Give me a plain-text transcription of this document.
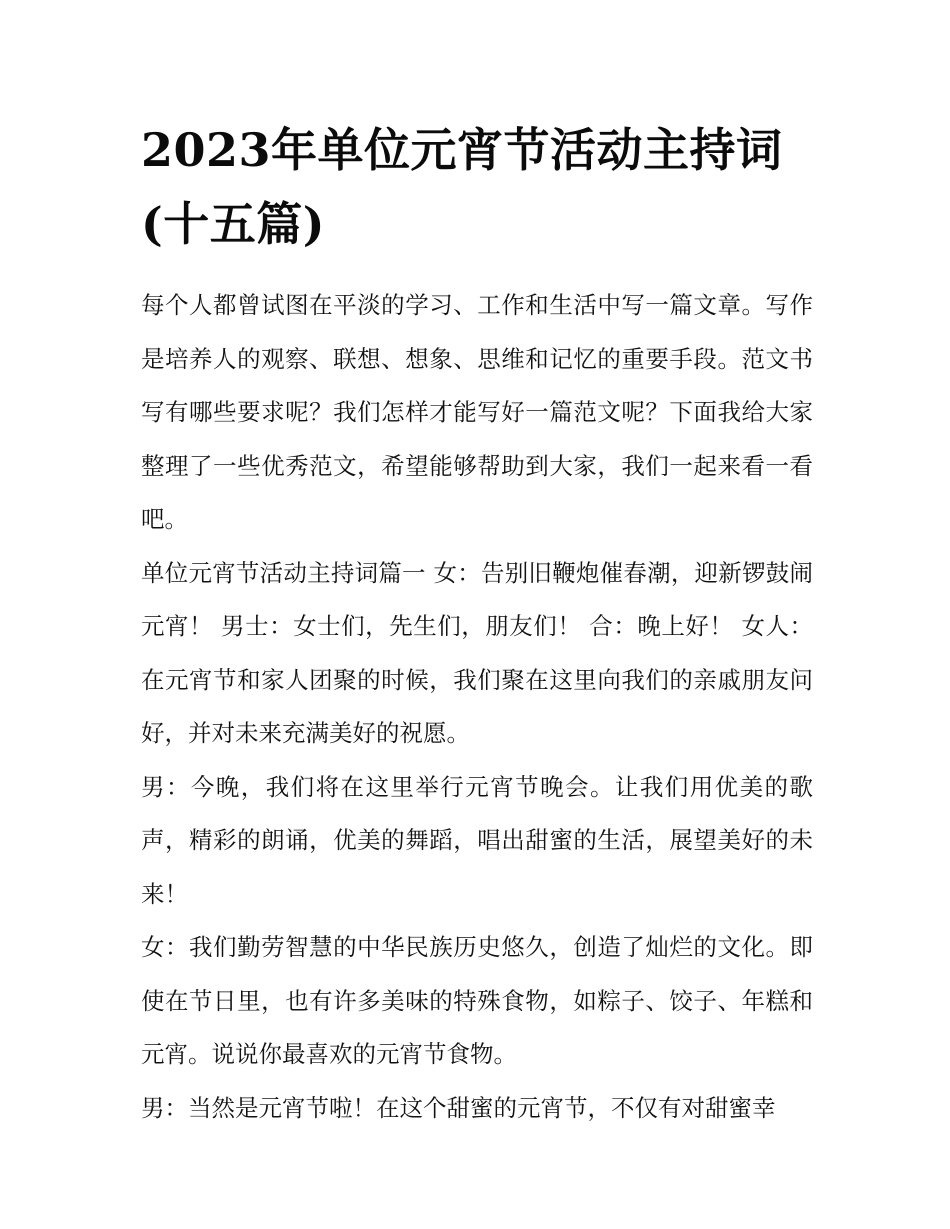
2023年单位元宵节活动主持词
(十五篇)

每个人都曾试图在平淡的学习、工作和生活中写一篇文章。写作是培养人的观察、联想、想象、思维和记忆的重要手段。范文书写有哪些要求呢？我们怎样才能写好一篇范文呢？下面我给大家整理了一些优秀范文，希望能够帮助到大家，我们一起来看一看吧。

单位元宵节活动主持词篇一 女：告别旧鞭炮催春潮，迎新锣鼓闹元宵！ 男士：女士们，先生们，朋友们！ 合：晚上好！ 女人：在元宵节和家人团聚的时候，我们聚在这里向我们的亲戚朋友问好，并对未来充满美好的祝愿。

男：今晚，我们将在这里举行元宵节晚会。让我们用优美的歌声，精彩的朗诵，优美的舞蹈，唱出甜蜜的生活，展望美好的未来！

女：我们勤劳智慧的中华民族历史悠久，创造了灿烂的文化。即使在节日里，也有许多美味的特殊食物，如粽子、饺子、年糕和元宵。说说你最喜欢的元宵节食物。

男：当然是元宵节啦！在这个甜蜜的元宵节，不仅有对甜蜜幸
